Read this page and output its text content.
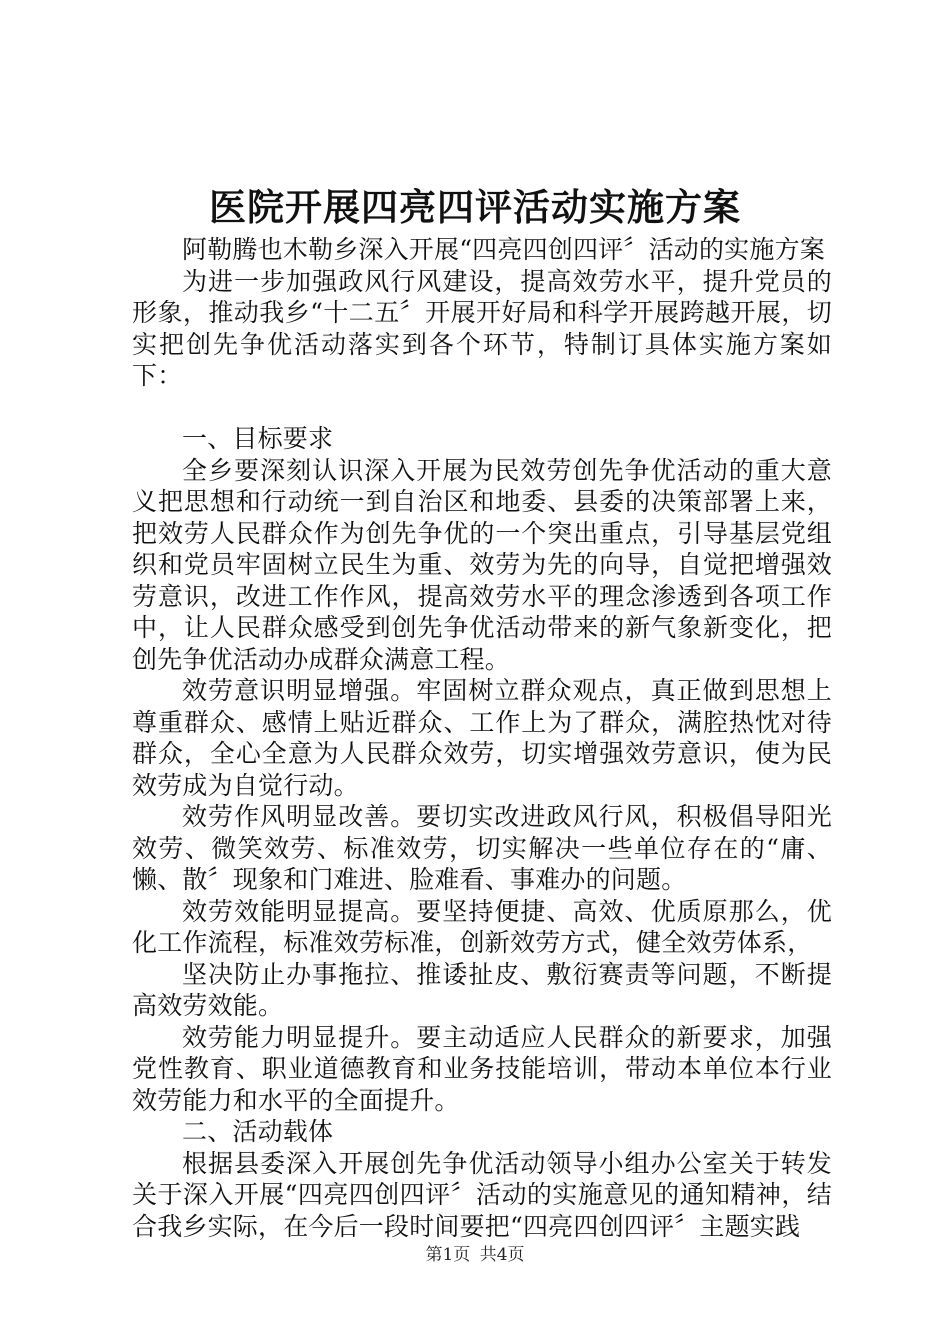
医院开展四亮四评活动实施方案

阿勒腾也木勒乡深入开展“四亮四创四评〞活动的实施方案

为进一步加强政风行风建设，提高效劳水平，提升党员的形象，推动我乡“十二五〞开展开好局和科学开展跨越开展，切实把创先争优活动落实到各个环节，特制订具体实施方案如下：

一、目标要求

全乡要深刻认识深入开展为民效劳创先争优活动的重大意义把思想和行动统一到自治区和地委、县委的决策部署上来，把效劳人民群众作为创先争优的一个突出重点，引导基层党组织和党员牢固树立民生为重、效劳为先的向导，自觉把增强效劳意识，改进工作作风，提高效劳水平的理念渗透到各项工作中，让人民群众感受到创先争优活动带来的新气象新变化，把创先争优活动办成群众满意工程。

效劳意识明显增强。牢固树立群众观点，真正做到思想上尊重群众、感情上贴近群众、工作上为了群众，满腔热忱对待群众，全心全意为人民群众效劳，切实增强效劳意识，使为民效劳成为自觉行动。

效劳作风明显改善。要切实改进政风行风，积极倡导阳光效劳、微笑效劳、标准效劳，切实解决一些单位存在的“庸、懒、散〞现象和门难进、脸难看、事难办的问题。

效劳效能明显提高。要坚持便捷、高效、优质原那么，优化工作流程，标准效劳标准，创新效劳方式，健全效劳体系，

坚决防止办事拖拉、推诿扯皮、敷衍赛责等问题，不断提高效劳效能。

效劳能力明显提升。要主动适应人民群众的新要求，加强党性教育、职业道德教育和业务技能培训，带动本单位本行业效劳能力和水平的全面提升。

二、活动载体

根据县委深入开展创先争优活动领导小组办公室关于转发关于深入开展“四亮四创四评〞活动的实施意见的通知精神，结合我乡实际，在今后一段时间要把“四亮四创四评〞主题实践

第1页 共4页
